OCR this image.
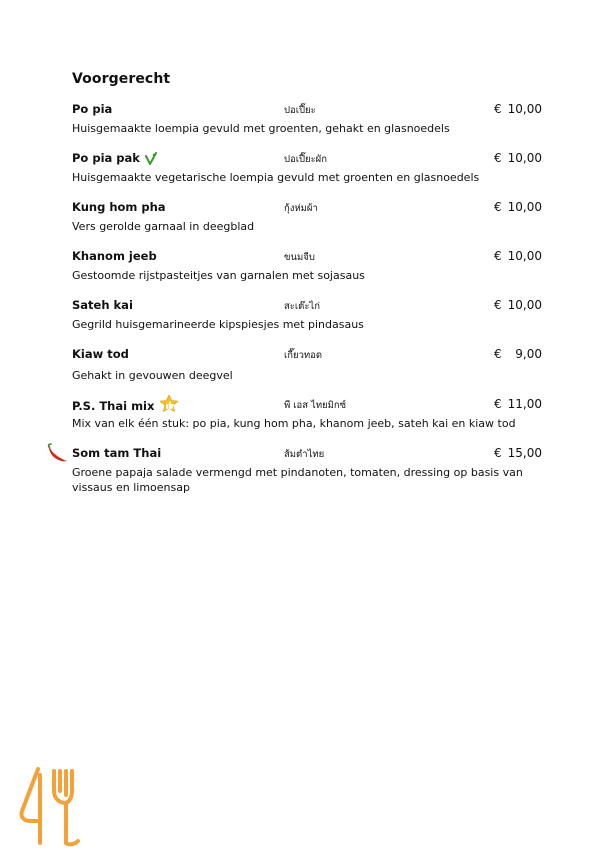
Voorgerecht
Po pia	ปอเปี๊ยะ	€ 10,00
Huisgemaakte loempia gevuld met groenten, gehakt en glasnoedels
Po pia pak	ปอเปี๊ยะผัก	€ 10,00
Huisgemaakte vegetarische loempia gevuld met groenten en glasnoedels
Kung hom pha	กุ้งห่มผ้า	€ 10,00
Vers gerolde garnaal in deegblad
Khanom jeeb	ขนมจีบ	€ 10,00
Gestoomde rijstpasteitjes van garnalen met sojasaus
Sateh kai	สะเต๊ะไก่	€ 10,00
Gegrild huisgemarineerde kipspiesjes met pindasaus
Kiaw tod	เกี๊ยวทอด	€ 9,00
Gehakt in gevouwen deegvel
P.S. Thai mix	พี เอส ไทยมิกซ์	€ 11,00
Mix van elk één stuk: po pia, kung hom pha, khanom jeeb, sateh kai en kiaw tod
Som tam Thai	ส้มตำไทย	€ 15,00
Groene papaja salade vermengd met pindanoten, tomaten, dressing op basis van vissaus en limoensap
